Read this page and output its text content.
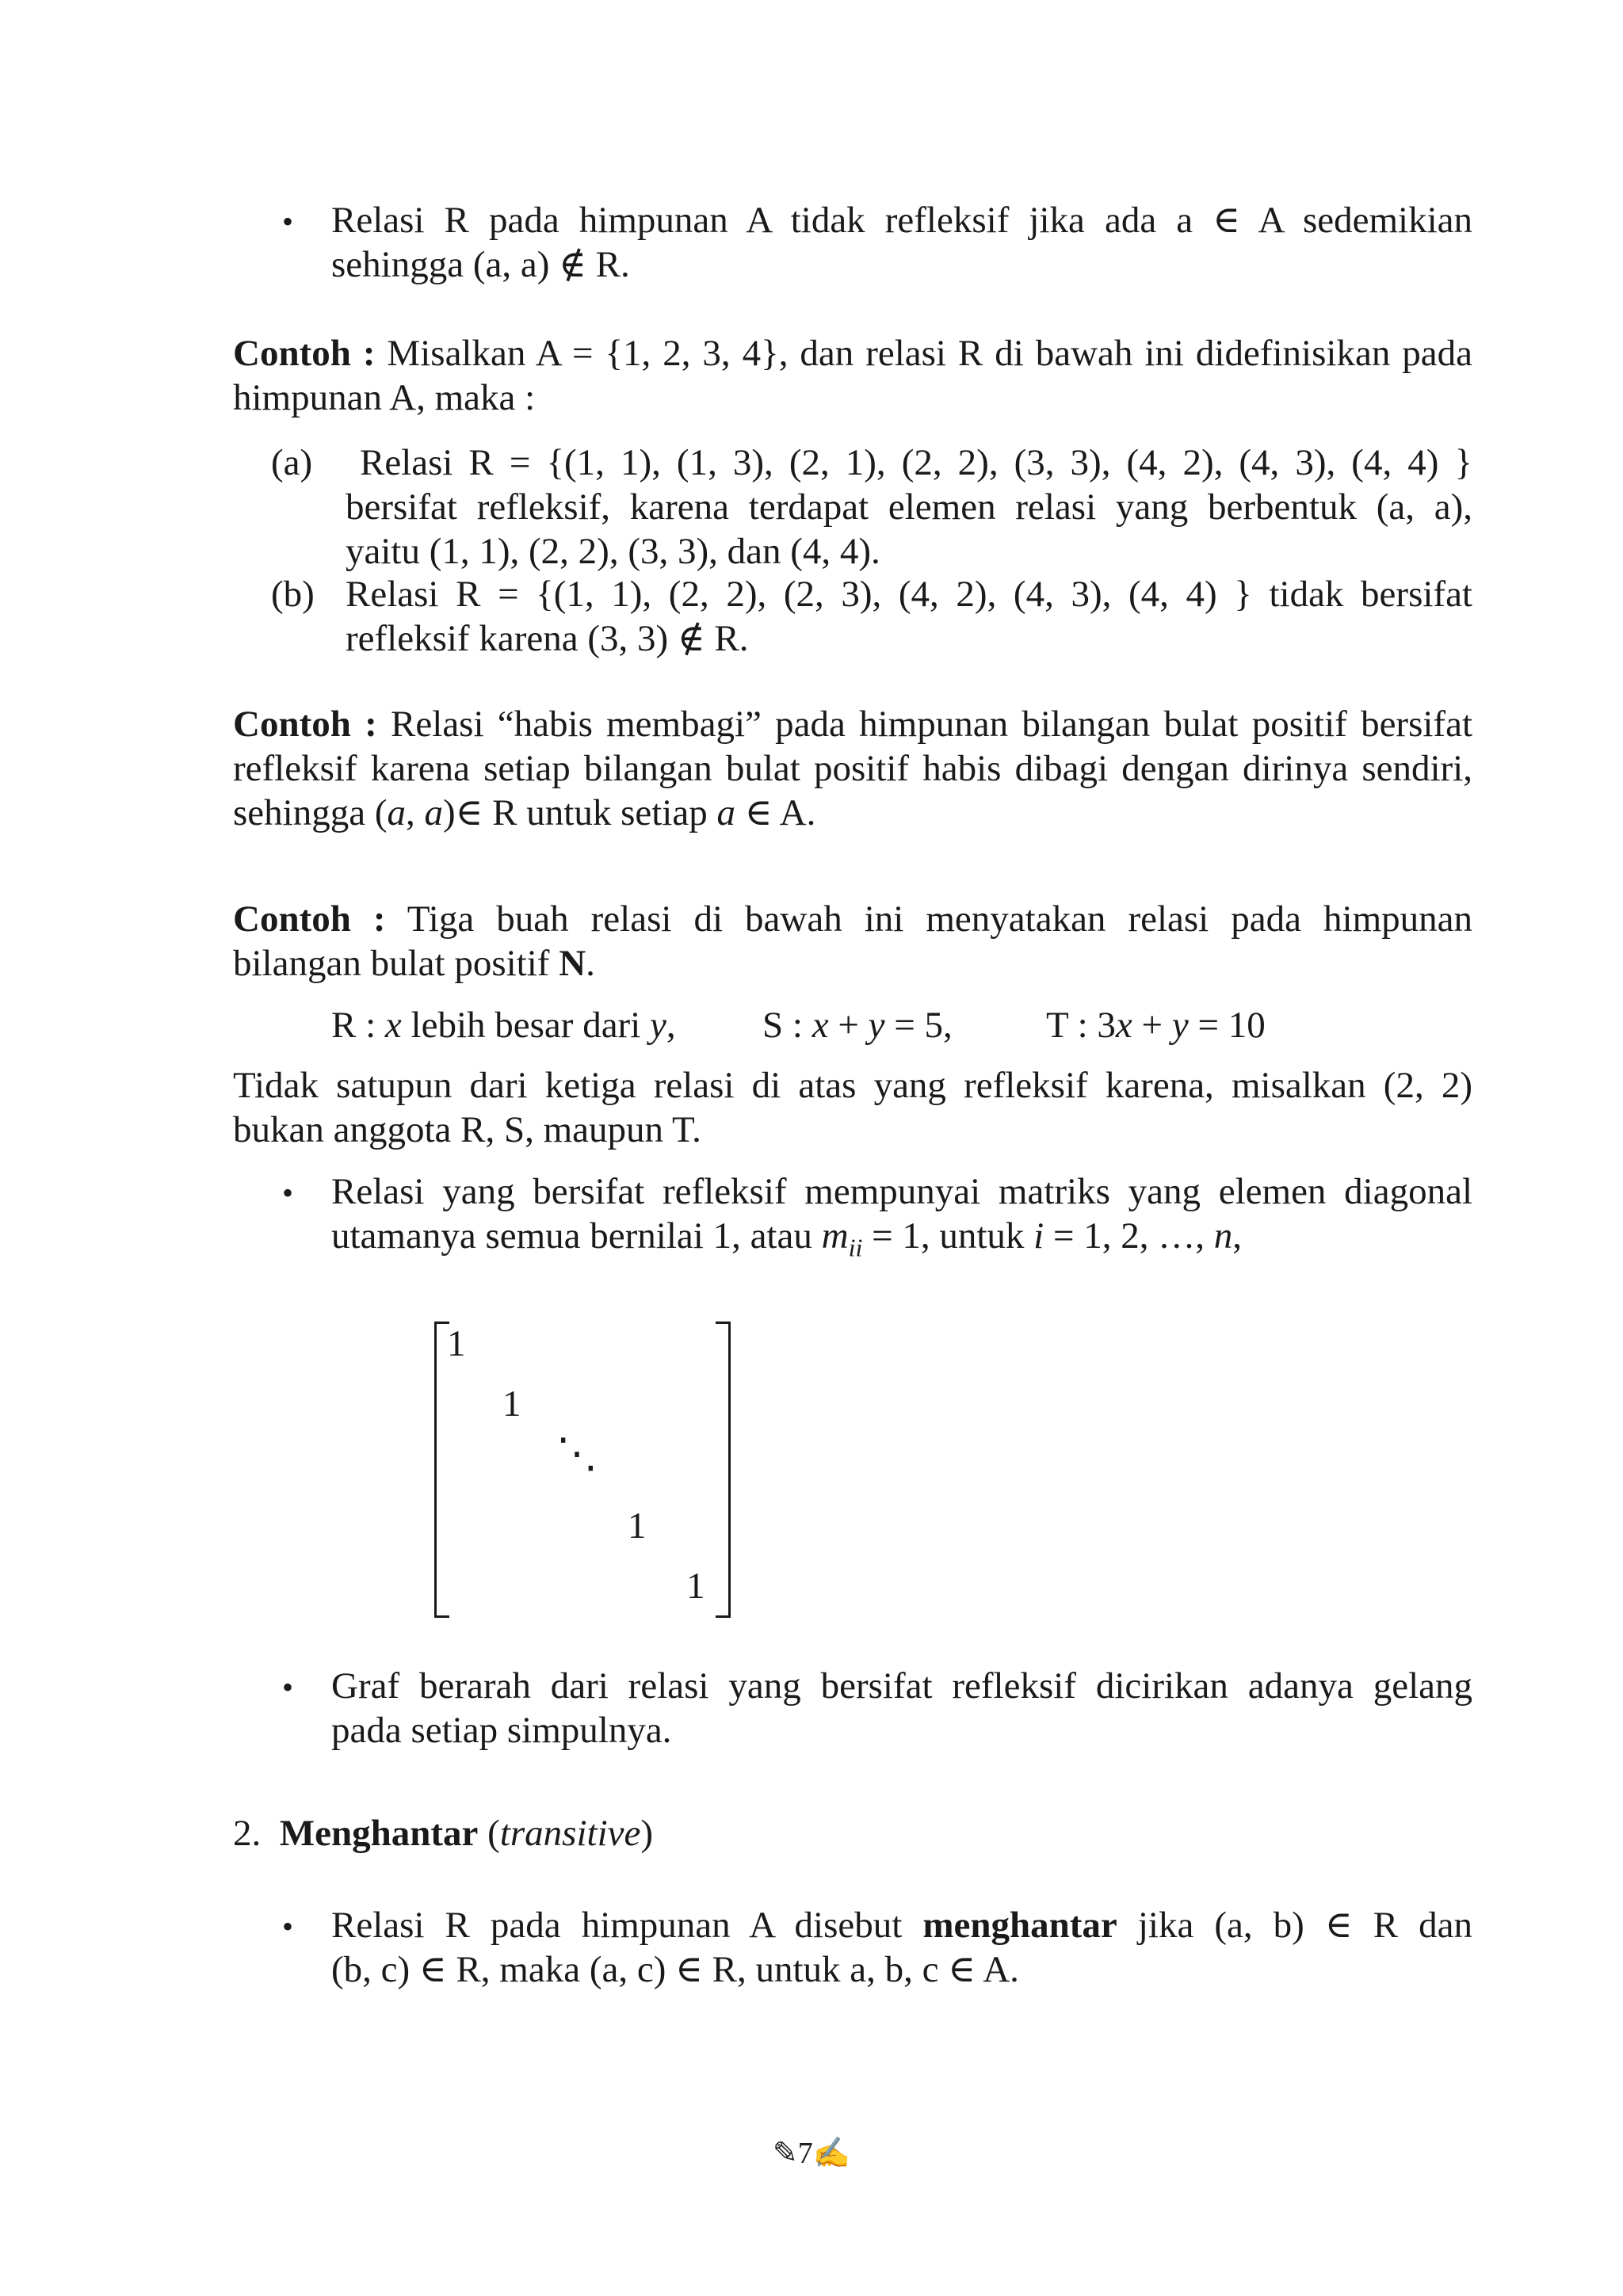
• Relasi R pada himpunan A tidak refleksif jika ada a ∈ A sedemikian
sehingga (a, a) ∉ R.
Contoh : Misalkan A = {1, 2, 3, 4}, dan relasi R di bawah ini didefinisikan pada
himpunan A, maka :
(a) Relasi R = {(1, 1), (1, 3), (2, 1), (2, 2), (3, 3), (4, 2), (4, 3), (4, 4) }
bersifat refleksif, karena terdapat elemen relasi yang berbentuk (a, a),
yaitu (1, 1), (2, 2), (3, 3), dan (4, 4).
(b) Relasi R = {(1, 1), (2, 2), (2, 3), (4, 2), (4, 3), (4, 4) } tidak bersifat
refleksif karena (3, 3) ∉ R.
Contoh : Relasi “habis membagi” pada himpunan bilangan bulat positif bersifat
refleksif karena setiap bilangan bulat positif habis dibagi dengan dirinya sendiri,
sehingga (a, a)∈ R untuk setiap a ∈ A.
Contoh : Tiga buah relasi di bawah ini menyatakan relasi pada himpunan
bilangan bulat positif N.
R : x lebih besar dari y, S : x + y = 5,	T : 3x + y = 10
Tidak satupun dari ketiga relasi di atas yang refleksif karena, misalkan (2, 2)
bukan anggota R, S, maupun T.
• Relasi yang bersifat refleksif mempunyai matriks yang elemen diagonal
utamanya semua bernilai 1, atau $m_{ii} = 1$, untuk i = 1, 2, …, n,
1
1
⋱
1
1
• Graf berarah dari relasi yang bersifat refleksif dicirikan adanya gelang
pada setiap simpulnya.
2. Menghantar (transitive)
• Relasi R pada himpunan A disebut menghantar jika (a, b) ∈ R dan
(b, c) ∈ R, maka (a, c) ∈ R, untuk a, b, c ∈ A.
✎7✍
